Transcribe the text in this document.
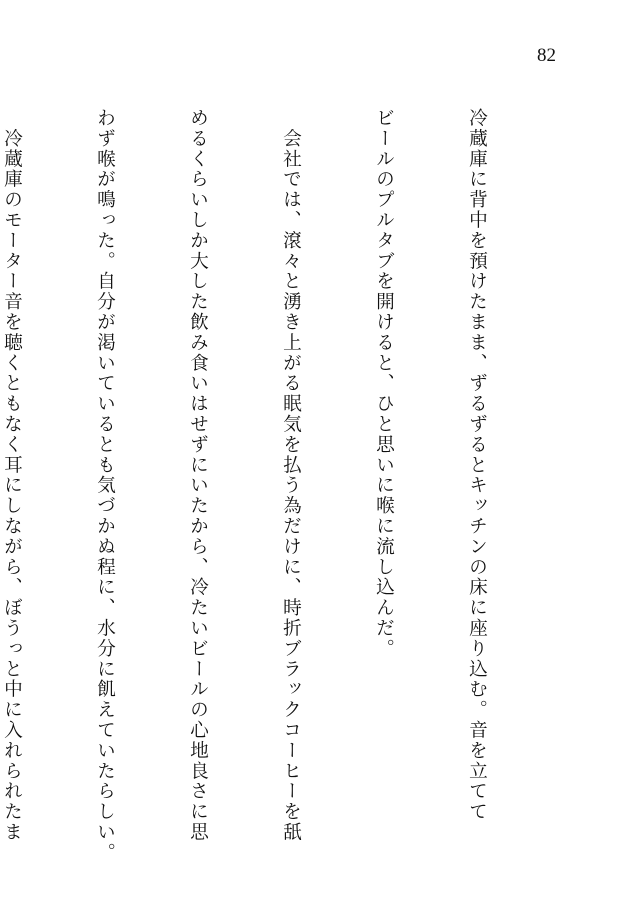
82

冷蔵庫に背中を預けたまま、ずるずるとキッチンの床に座り込む。音を立てて

ビールのプルタブを開けると、ひと思いに喉に流し込んだ。

　会社では、滾々と湧き上がる眠気を払う為だけに、時折ブラックコーヒーを舐

めるくらいしか大した飲み食いはせずにいたから、冷たいビールの心地良さに思

わず喉が鳴った。自分が渇いているとも気づかぬ程に、水分に飢えていたらしい。

　冷蔵庫のモーター音を聴くともなく耳にしながら、ぼうっと中に入れられたま
